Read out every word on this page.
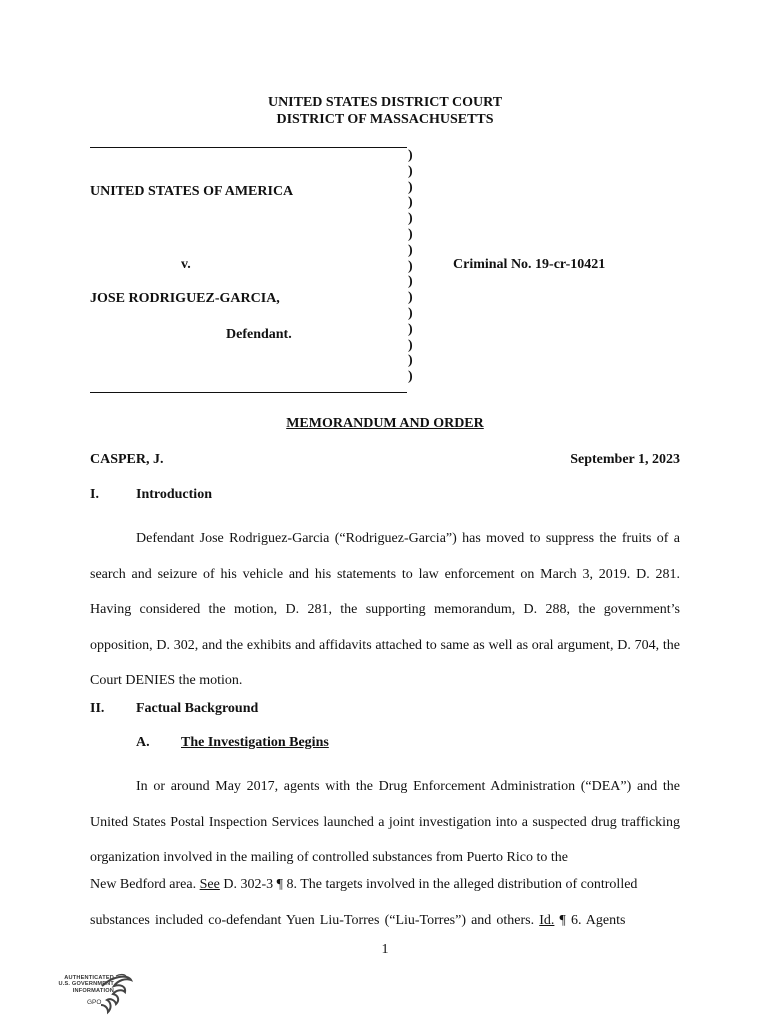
UNITED STATES DISTRICT COURT
DISTRICT OF MASSACHUSETTS
)
)
)
)
)
)
)
)
)
)
)
)
)
)
)
UNITED STATES OF AMERICA
v.	Criminal No. 19-cr-10421
JOSE RODRIGUEZ-GARCIA,
Defendant.
MEMORANDUM AND ORDER
CASPER, J.	September 1, 2023
I.	Introduction
Defendant Jose Rodriguez-Garcia (“Rodriguez-Garcia”) has moved to suppress the fruits of a search and seizure of his vehicle and his statements to law enforcement on March 3, 2019. D. 281. Having considered the motion, D. 281, the supporting memorandum, D. 288, the government’s opposition, D. 302, and the exhibits and affidavits attached to same as well as oral argument, D. 704, the Court DENIES the motion.
II. Factual Background
A. The Investigation Begins
In or around May 2017, agents with the Drug Enforcement Administration (“DEA”) and the United States Postal Inspection Services launched a joint investigation into a suspected drug trafficking organization involved in the mailing of controlled substances from Puerto Rico to the
New Bedford area. See D. 302-3 ¶ 8. The targets involved in the alleged distribution of controlled
substances included co-defendant Yuen Liu-Torres (“Liu-Torres”) and others. Id. ¶ 6. Agents
1
AUTHENTICATED
U.S. GOVERNMENT
INFORMATION
GPO
